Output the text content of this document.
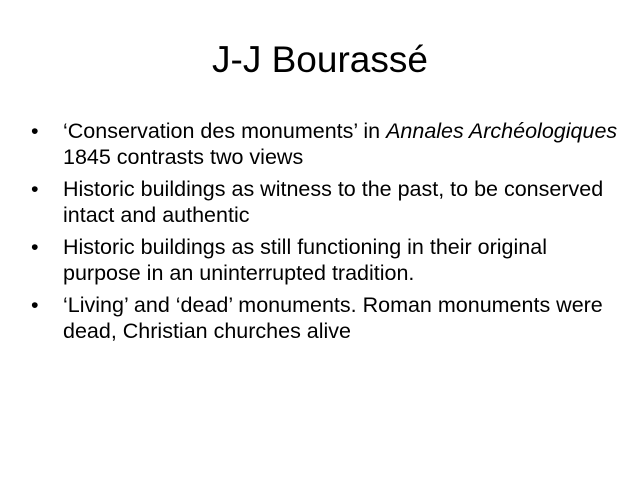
J-J Bourassé
•	‘Conservation des monuments’ in Annales Archéologiques 1845 contrasts two views
•	Historic buildings as witness to the past, to be conserved intact and authentic
•	Historic buildings as still functioning in their original purpose in an uninterrupted tradition.
•	‘Living’ and ‘dead’ monuments. Roman monuments were dead, Christian churches alive
